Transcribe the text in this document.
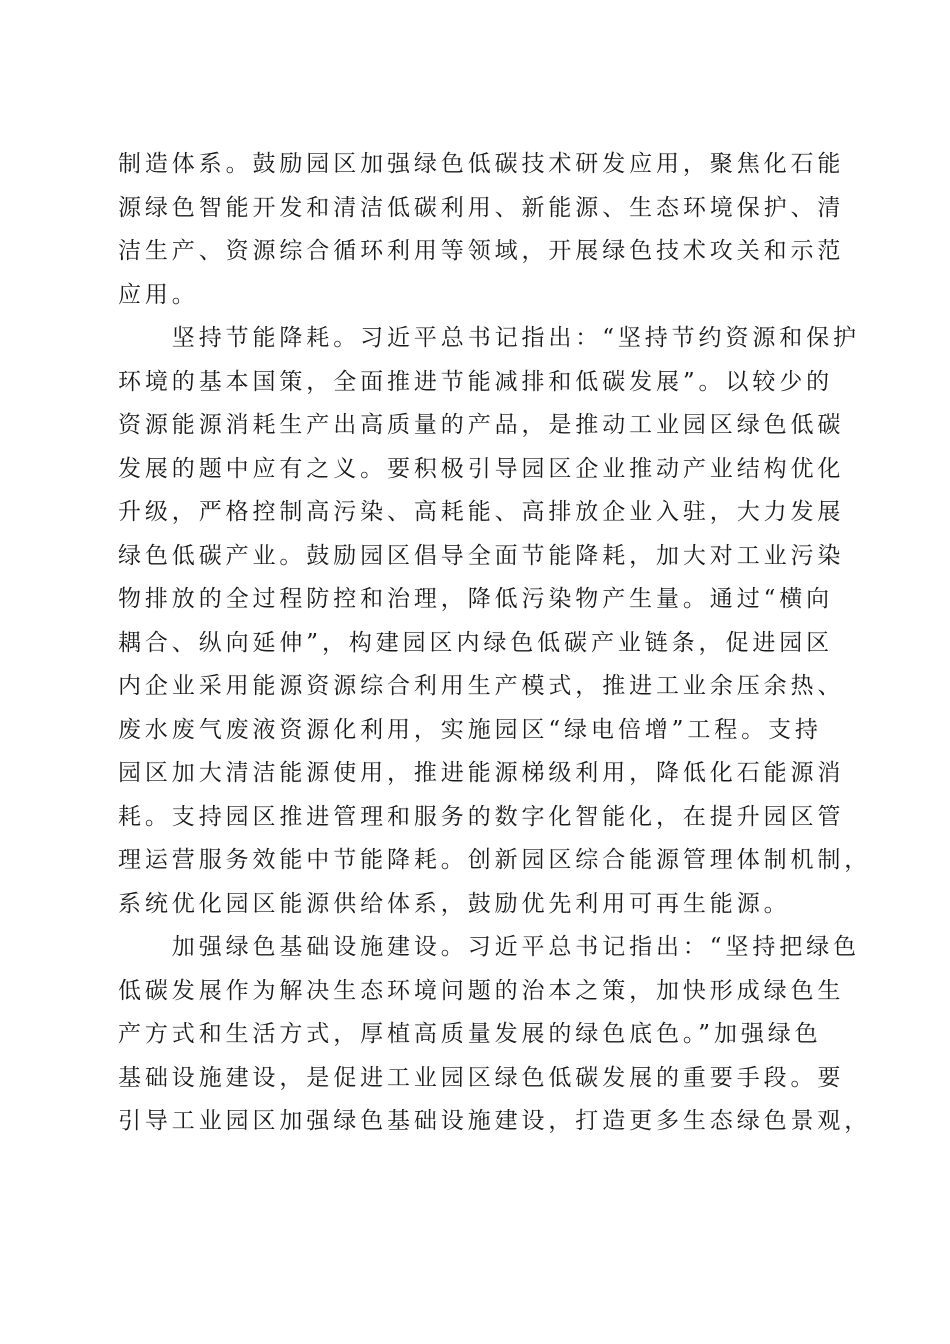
制造体系。鼓励园区加强绿色低碳技术研发应用，聚焦化石能
源绿色智能开发和清洁低碳利用、新能源、生态环境保护、清
洁生产、资源综合循环利用等领域，开展绿色技术攻关和示范
应用。
　　坚持节能降耗。习近平总书记指出：“坚持节约资源和保护
环境的基本国策，全面推进节能减排和低碳发展”。以较少的
资源能源消耗生产出高质量的产品，是推动工业园区绿色低碳
发展的题中应有之义。要积极引导园区企业推动产业结构优化
升级，严格控制高污染、高耗能、高排放企业入驻，大力发展
绿色低碳产业。鼓励园区倡导全面节能降耗，加大对工业污染
物排放的全过程防控和治理，降低污染物产生量。通过“横向
耦合、纵向延伸”，构建园区内绿色低碳产业链条，促进园区
内企业采用能源资源综合利用生产模式，推进工业余压余热、
废水废气废液资源化利用，实施园区“绿电倍增”工程。支持
园区加大清洁能源使用，推进能源梯级利用，降低化石能源消
耗。支持园区推进管理和服务的数字化智能化，在提升园区管
理运营服务效能中节能降耗。创新园区综合能源管理体制机制，
系统优化园区能源供给体系，鼓励优先利用可再生能源。
　　加强绿色基础设施建设。习近平总书记指出：“坚持把绿色
低碳发展作为解决生态环境问题的治本之策，加快形成绿色生
产方式和生活方式，厚植高质量发展的绿色底色。”加强绿色
基础设施建设，是促进工业园区绿色低碳发展的重要手段。要
引导工业园区加强绿色基础设施建设，打造更多生态绿色景观，
